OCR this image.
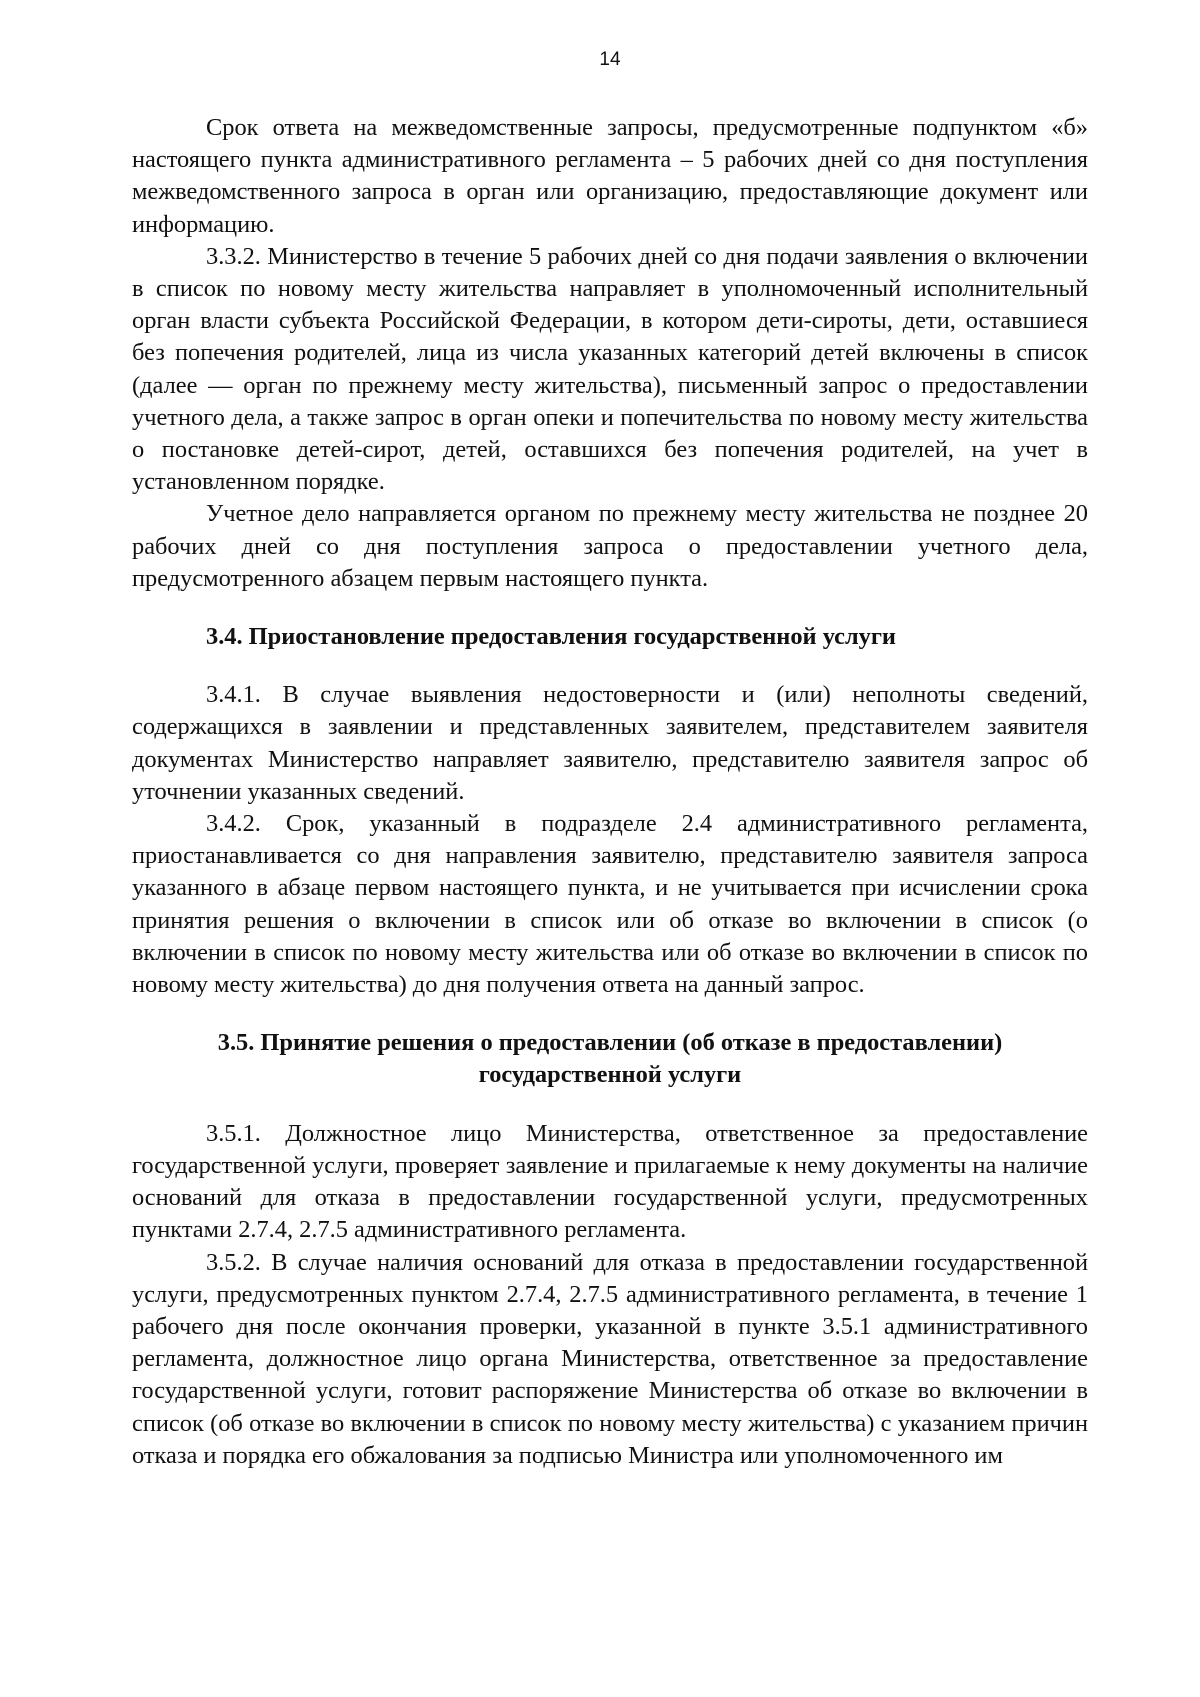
14

Срок ответа на межведомственные запросы, предусмотренные подпунктом «б» настоящего пункта административного регламента – 5 рабочих дней со дня поступления межведомственного запроса в орган или организацию, предоставляющие документ или информацию.

3.3.2. Министерство в течение 5 рабочих дней со дня подачи заявления о включении в список по новому месту жительства направляет в уполномоченный исполнительный орган власти субъекта Российской Федерации, в котором дети-сироты, дети, оставшиеся без попечения родителей, лица из числа указанных категорий детей включены в список (далее — орган по прежнему месту жительства), письменный запрос о предоставлении учетного дела, а также запрос в орган опеки и попечительства по новому месту жительства о постановке детей-сирот, детей, оставшихся без попечения родителей, на учет в установленном порядке.

Учетное дело направляется органом по прежнему месту жительства не позднее 20 рабочих дней со дня поступления запроса о предоставлении учетного дела, предусмотренного абзацем первым настоящего пункта.

3.4. Приостановление предоставления государственной услуги

3.4.1. В случае выявления недостоверности и (или) неполноты сведений, содержащихся в заявлении и представленных заявителем, представителем заявителя документах Министерство направляет заявителю, представителю заявителя запрос об уточнении указанных сведений.

3.4.2. Срок, указанный в подразделе 2.4 административного регламента, приостанавливается со дня направления заявителю, представителю заявителя запроса указанного в абзаце первом настоящего пункта, и не учитывается при исчислении срока принятия решения о включении в список или об отказе во включении в список (о включении в список по новому месту жительства или об отказе во включении в список по новому месту жительства) до дня получения ответа на данный запрос.

3.5. Принятие решения о предоставлении (об отказе в предоставлении)

государственной услуги

3.5.1. Должностное лицо Министерства, ответственное за предоставление государственной услуги, проверяет заявление и прилагаемые к нему документы на наличие оснований для отказа в предоставлении государственной услуги, предусмотренных пунктами 2.7.4, 2.7.5 административного регламента.

3.5.2. В случае наличия оснований для отказа в предоставлении государственной услуги, предусмотренных пунктом 2.7.4, 2.7.5 административного регламента, в течение 1 рабочего дня после окончания проверки, указанной в пункте 3.5.1 административного регламента, должностное лицо органа Министерства, ответственное за предоставление государственной услуги, готовит распоряжение Министерства об отказе во включении в список (об отказе во включении в список по новому месту жительства) с указанием причин отказа и порядка его обжалования за подписью Министра или уполномоченного им
